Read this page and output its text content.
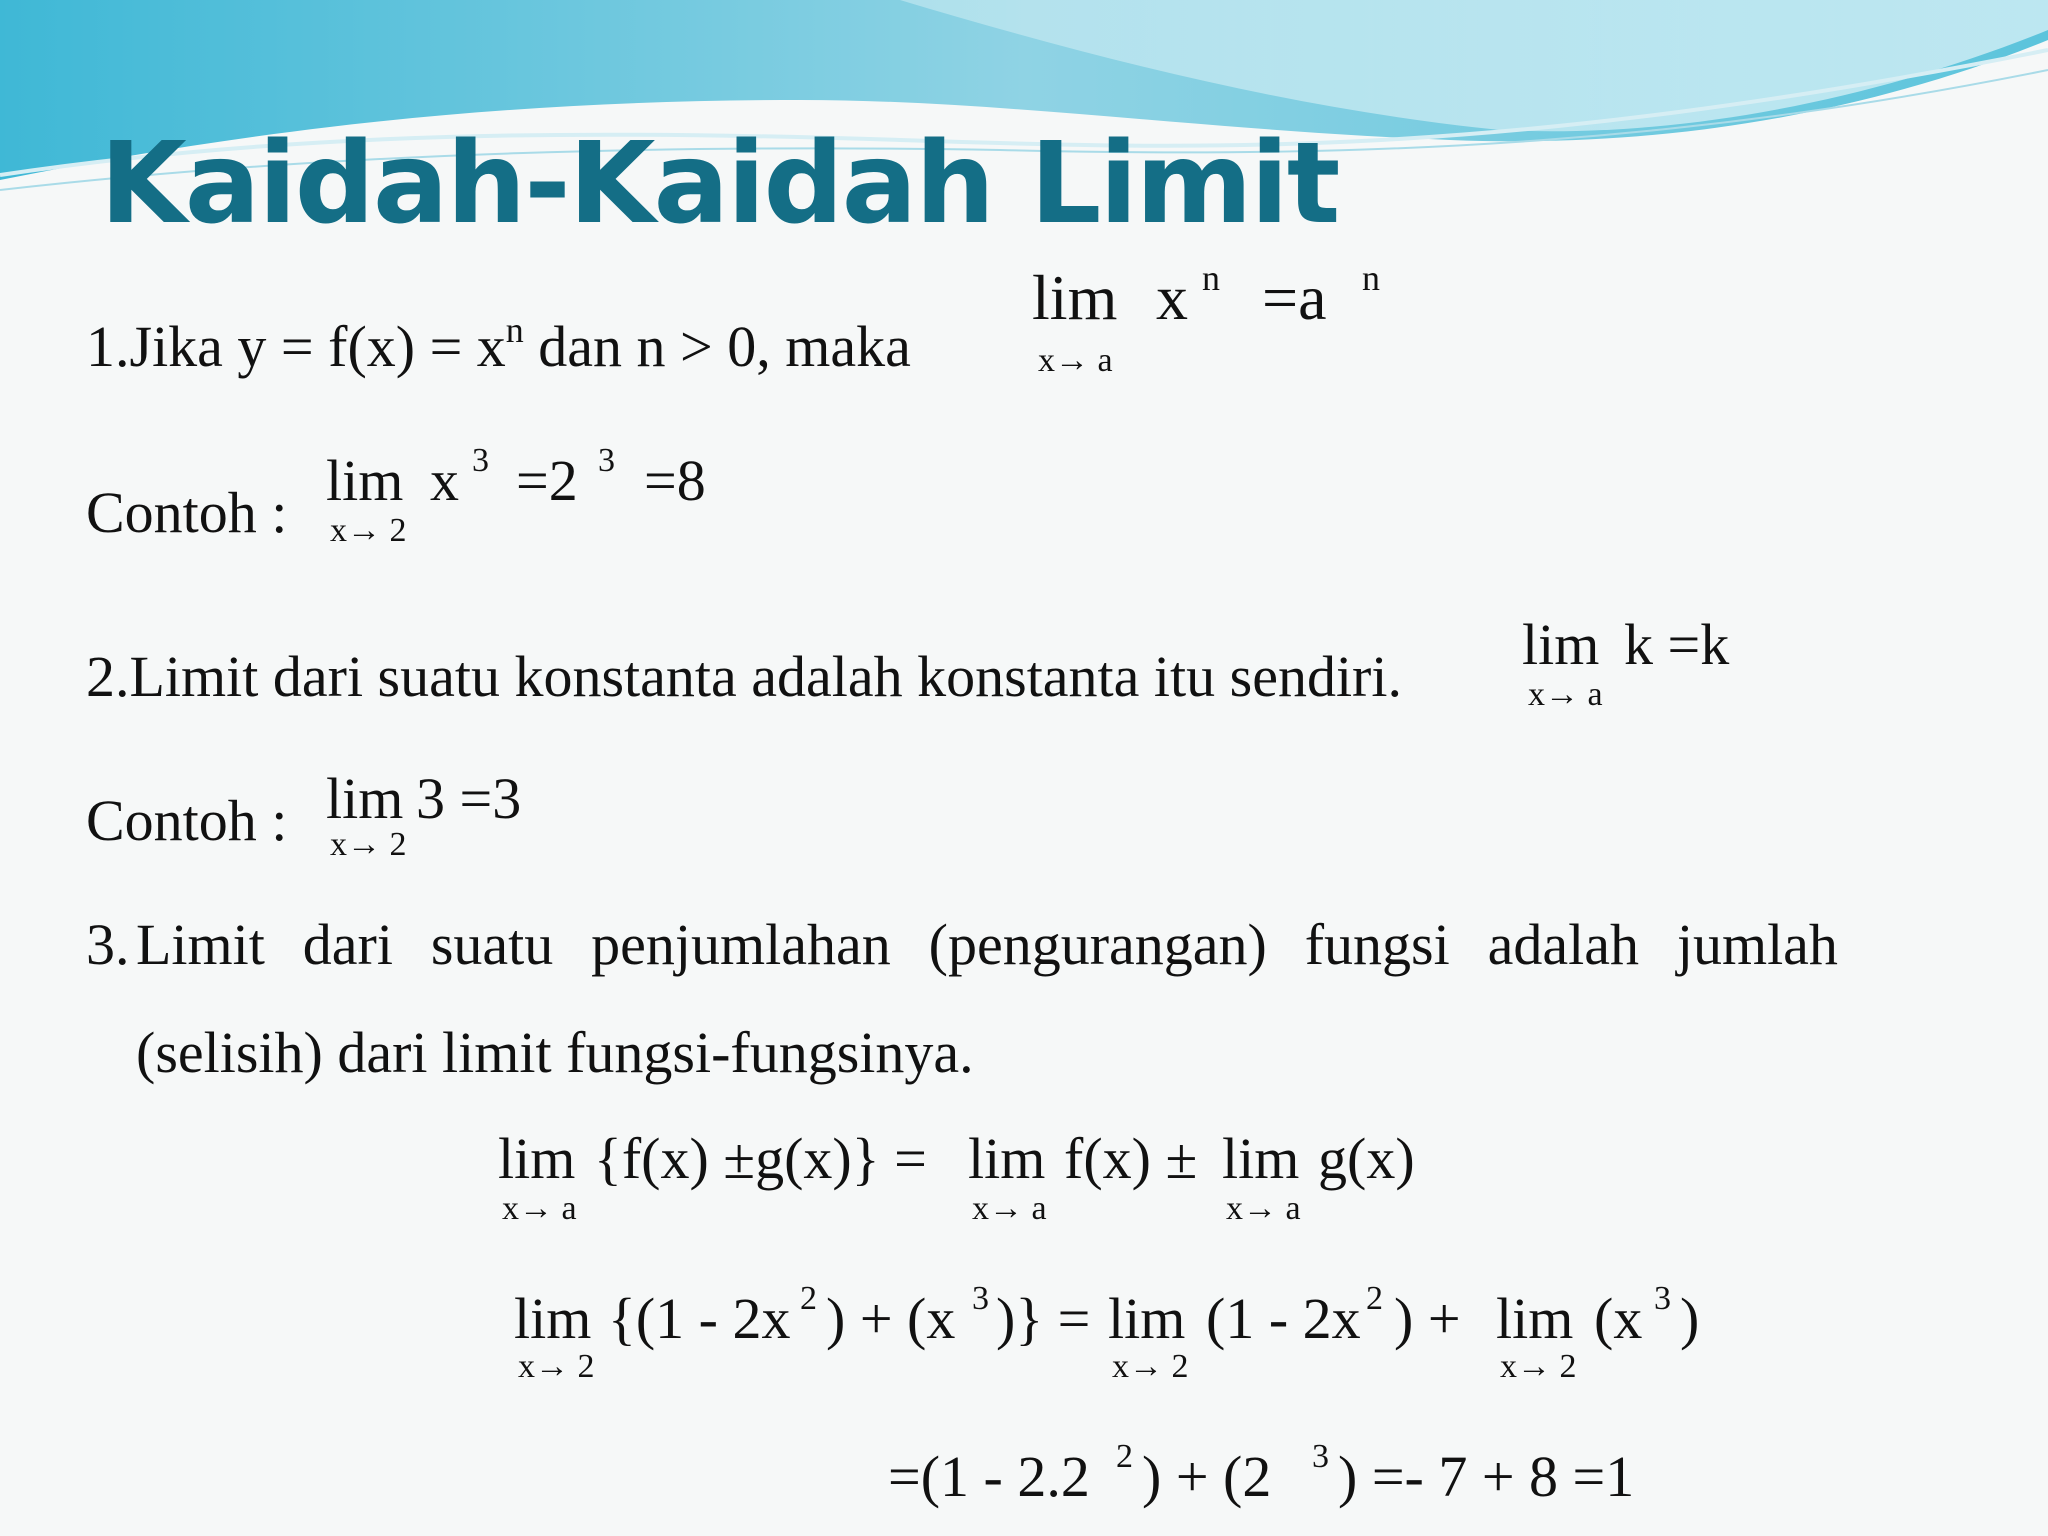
Kaidah-Kaidah Limit
1.Jika $y = f(x) = x^n$ dan n > 0, maka
lim
x→ a
x n =a n
Contoh : lim
x→ 2
x 3 =2 3 =8
2.Limit dari suatu konstanta adalah konstanta itu sendiri. lim
x→ a
k =k
Contoh : lim
x→ 2
3 =3
3. Limit dari suatu penjumlahan (pengurangan) fungsi adalah jumlah
(selisih) dari limit fungsi-fungsinya.
lim
x→ a
{f(x) ±g(x)} = lim
x→ a
f(x) ± lim
x→ a
g(x)
lim
x→ 2
{(1 - 2x 2 ) + (x 3 )} = lim
x→ 2
(1 - 2x 2 ) + lim
x→ 2
(x 3 )
=(1 - 2.2 2 ) + (2 3 ) =- 7 + 8 =1
